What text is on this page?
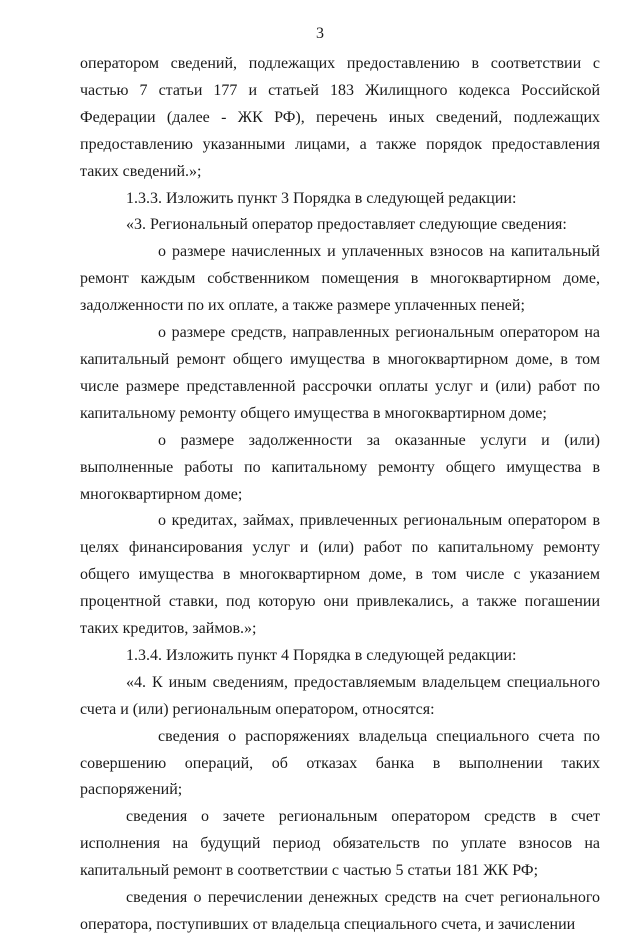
3

оператором сведений, подлежащих предоставлению в соответствии с частью 7 статьи 177 и статьей 183 Жилищного кодекса Российской Федерации (далее - ЖК РФ), перечень иных сведений, подлежащих предоставлению указанными лицами, а также порядок предоставления таких сведений.»;

1.3.3. Изложить пункт 3 Порядка в следующей редакции:

«3. Региональный оператор предоставляет следующие сведения:

о размере начисленных и уплаченных взносов на капитальный ремонт каждым собственником помещения в многоквартирном доме, задолженности по их оплате, а также размере уплаченных пеней;

о размере средств, направленных региональным оператором на капитальный ремонт общего имущества в многоквартирном доме, в том числе размере представленной рассрочки оплаты услуг и (или) работ по капитальному ремонту общего имущества в многоквартирном доме;

о размере задолженности за оказанные услуги и (или) выполненные работы по капитальному ремонту общего имущества в многоквартирном доме;

о кредитах, займах, привлеченных региональным оператором в целях финансирования услуг и (или) работ по капитальному ремонту общего имущества в многоквартирном доме, в том числе с указанием процентной ставки, под которую они привлекались, а также погашении таких кредитов, займов.»;

1.3.4. Изложить пункт 4 Порядка в следующей редакции:

«4. К иным сведениям, предоставляемым владельцем специального счета и (или) региональным оператором, относятся:

сведения о распоряжениях владельца специального счета по совершению операций, об отказах банка в выполнении таких распоряжений;

сведения о зачете региональным оператором средств в счет исполнения на будущий период обязательств по уплате взносов на капитальный ремонт в соответствии с частью 5 статьи 181 ЖК РФ;

сведения о перечислении денежных средств на счет регионального оператора, поступивших от владельца специального счета, и зачислении
